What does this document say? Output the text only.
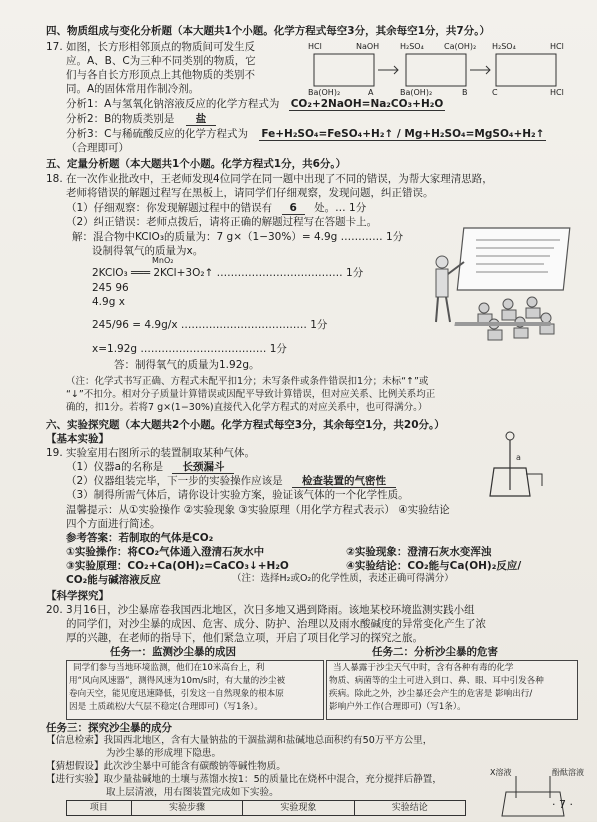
四、物质组成与变化分析题（本大题共1个小题。化学方程式每空3分，其余每空1分，共7分。）
17. 如图，长方形相邻顶点的物质间可发生反
应。A、B、C为三种不同类别的物质，它
们与各自长方形顶点上其他物质的类别不
同。A的固体常用作制冷剂。
HCl	NaOH	H₂SO₄	Ca(OH)₂ H₂SO₄	HCl
Ba(OH)₂	A	Ba(OH)₂	B	C	HCl
分析1：A与氢氧化钠溶液反应的化学方程式为 CO₂+2NaOH=Na₂CO₃+H₂O
分析2：B的物质类别是 盐
分析3：C与稀硫酸反应的化学方程式为 Fe+H₂SO₄=FeSO₄+H₂↑ / Mg+H₂SO₄=MgSO₄+H₂↑
（合理即可）
五、定量分析题（本大题共1个小题。化学方程式1分，共6分。）
18. 在一次作业批改中，王老师发现4位同学在同一题中出现了不同的错误，为帮大家理清思路，
老师将错误的解题过程写在黑板上，请同学们仔细观察，发现问题，纠正错误。
（1）仔细观察：你发现解题过程中的错误有 6 处。… 1分
（2）纠正错误：老师点拨后，请将正确的解题过程写在答题卡上。
解：混合物中KClO₃的质量为：7 g×（1−30%）= 4.9g ………… 1分
设制得氧气的质量为x。
MnO₂
2KClO₃ ═══ 2KCl+3O₂↑ ……………………………… 1分
245 96
4.9g x
245/96 = 4.9g/x ……………………………… 1分
x=1.92g ……………………………… 1分
答：制得氧气的质量为1.92g。
（注：化学式书写正确、方程式未配平扣1分；未写条件或条件错误扣1分；未标“↑”或
“↓”不扣分。相对分子质量计算错误或因配平导致计算错误，但对应关系、比例关系均正
确的，扣1分。若将7 g×(1−30%)直接代入化学方程式的对应关系中，也可得满分。）
六、实验探究题（本大题共2个小题。化学方程式每空3分，其余每空1分，共20分。）
【基本实验】
19. 实验室用右图所示的装置制取某种气体。
（1）仪器a的名称是 长颈漏斗
（2）仪器组装完毕，下一步的实验操作应该是 检查装置的气密性
（3）制得所需气体后，请你设计实验方案，验证该气体的一个化学性质。
a
温馨提示：从①实验操作 ②实验现象 ③实验原理（用化学方程式表示） ④实验结论
四个方面进行简述。
参考答案：若制取的气体是CO₂
①实验操作：将CO₂气体通入澄清石灰水中	②实验现象：澄清石灰水变浑浊
③实验原理：CO₂+Ca(OH)₂=CaCO₃↓+H₂O	④实验结论：CO₂能与Ca(OH)₂反应/
CO₂能与碱溶液反应	（注：选择H₂或O₂的化学性质，表述正确可得满分）
【科学探究】
20. 3月16日，沙尘暴席卷我国西北地区，次日多地又遇到降雨。该地某校环境监测实践小组
的同学们，对沙尘暴的成因、危害、成分、防护、治理以及雨水酸碱度的异常变化产生了浓
厚的兴趣，在老师的指导下，他们紧急立项，开启了项目化学习的探究之旅。
任务一：监测沙尘暴的成因	任务二：分析沙尘暴的危害
同学们参与当地环境监测，他们在10米高台上，利
用“风向风速器”，测得风速为10m/s时，有大量的沙尘被
卷向天空，能见度迅速降低，引发这一自然现象的根本原
因是 土质疏松/大气层不稳定(合理即可)（写1条）。
当人暴露于沙尘天气中时，含有各种有毒的化学
物质、病菌等的尘土可进入到口、鼻、眼、耳中引发各种
疾病。除此之外，沙尘暴还会产生的危害是 影响出行/
影响户外工作(合理即可)（写1条）。
任务三：探究沙尘暴的成分
【信息检索】我国西北地区，含有大量钠盐的干涸盐湖和盐碱地总面积约有50万平方公里，
为沙尘暴的形成埋下隐患。
【猜想假设】此次沙尘暴中可能含有碳酸钠等碱性物质。
【进行实验】取少量盐碱地的土壤与蒸馏水按1：5的质量比在烧杯中混合，充分搅拌后静置，
取上层清液，用右图装置完成如下实验。
项目	实验步骤	实验现象	实验结论
X溶液	酚酞溶液
· 7 ·
